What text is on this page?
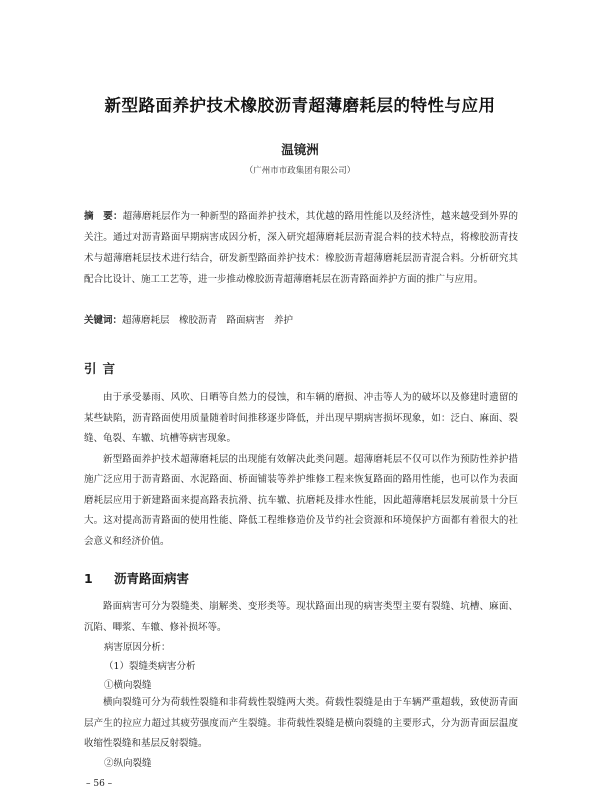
新型路面养护技术橡胶沥青超薄磨耗层的特性与应用
温镜洲
（广州市市政集团有限公司）
摘　要：超薄磨耗层作为一种新型的路面养护技术，其优越的路用性能以及经济性，越来越受到外界的关注。通过对沥青路面早期病害成因分析，深入研究超薄磨耗层沥青混合料的技术特点，将橡胶沥青技术与超薄磨耗层技术进行结合，研发新型路面养护技术：橡胶沥青超薄磨耗层沥青混合料。分析研究其配合比设计、施工工艺等，进一步推动橡胶沥青超薄磨耗层在沥青路面养护方面的推广与应用。
关键词：超薄磨耗层　橡胶沥青　路面病害　养护
引言

由于承受暴雨、风吹、日晒等自然力的侵蚀，和车辆的磨损、冲击等人为的破坏以及修建时遗留的某些缺陷，沥青路面使用质量随着时间推移逐步降低，并出现早期病害损坏现象，如：泛白、麻面、裂缝、龟裂、车辙、坑槽等病害现象。

新型路面养护技术超薄磨耗层的出现能有效解决此类问题。超薄磨耗层不仅可以作为预防性养护措施广泛应用于沥青路面、水泥路面、桥面铺装等养护维修工程来恢复路面的路用性能，也可以作为表面磨耗层应用于新建路面来提高路表抗滑、抗车辙、抗磨耗及排水性能，因此超薄磨耗层发展前景十分巨大。这对提高沥青路面的使用性能、降低工程维修造价及节约社会资源和环境保护方面都有着很大的社会意义和经济价值。

1 沥青路面病害

路面病害可分为裂缝类、崩解类、变形类等。现状路面出现的病害类型主要有裂缝、坑槽、麻面、沉陷、唧浆、车辙、修补损坏等。

病害原因分析：
（1）裂缝类病害分析
①横向裂缝

横向裂缝可分为荷载性裂缝和非荷载性裂缝两大类。荷载性裂缝是由于车辆严重超载，致使沥青面层产生的拉应力超过其疲劳强度而产生裂缝。非荷载性裂缝是横向裂缝的主要形式，分为沥青面层温度收缩性裂缝和基层反射裂缝。

②纵向裂缝
– 56 –
